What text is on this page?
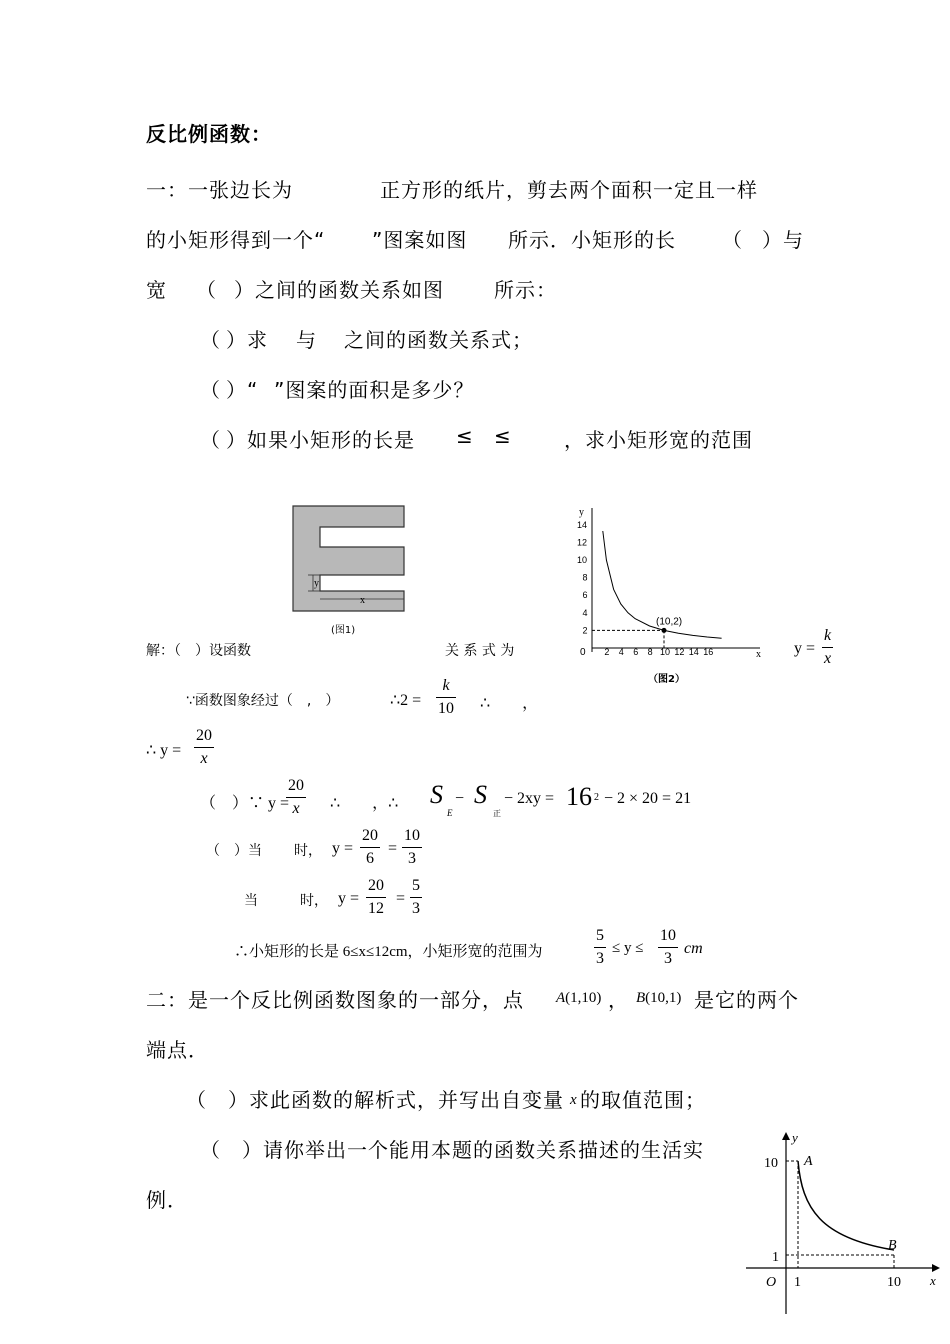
反比例函数：
一：一张边长为	正方形的纸片，剪去两个面积一定且一样
的小矩形得到一个“ ”图案如图 所示．小矩形的长 （ ）与
宽 （ ）之间的函数关系如图	所示：
（ ）求 与 之间的函数关系式；
（ ）“ ”图案的面积是多少？
（ ）如果小矩形的长是 ≤ ≤	，求小矩形宽的范围
x
y
(图1)
y
x
0 2 4 6 8 10 12 14 16
2
4
6
8
10
12
14
(10,2)
（图2）
解：（　）设函数	关 系 式 为	y =
k
x
∵函数图象经过（　,　）	∴2 =
k
10 ∴　　，
∴ y =
20
x
（　）∵ y =
20
x ∴　　，∴ S
E
− S
正
− 2xy = 16 2 − 2 × 20 = 21
（　）当 时， y =
20
6
=
10
3
当	时， y =
20
12
=
5
3
∴小矩形的长是 6≤x≤12cm，小矩形宽的范围为
5
3
≤ y ≤
10
3
cm
二：是一个反比例函数图象的一部分，点 A(1,10) ， B(10,1) 是它的两个
端点．
（　）求此函数的解析式，并写出自变量 x 的取值范围；
（　）请你举出一个能用本题的函数关系描述的生活实
例．
y
x
O
10
1
1	10
A
B
